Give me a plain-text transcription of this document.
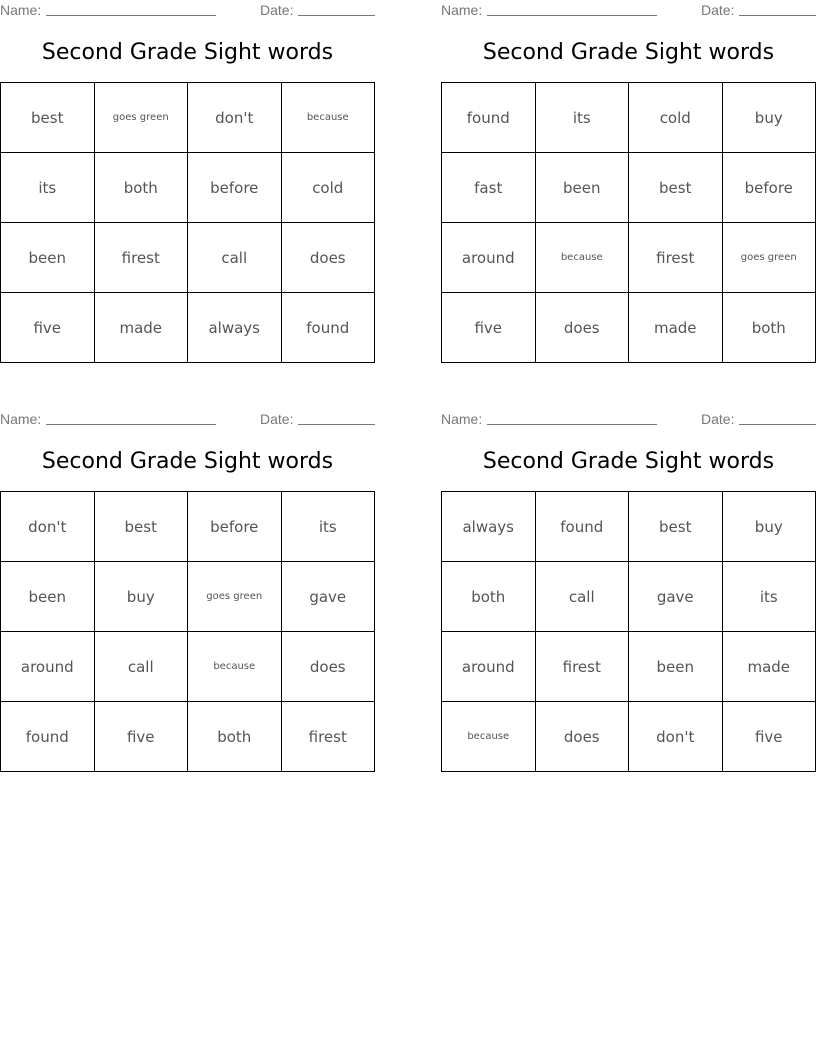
Name:	Date:
Second Grade Sight words
best	goes green	don't	because
its	both	before	cold
been	firest	call	does
five	made	always	found
Name:	Date:
Second Grade Sight words
found	its	cold	buy
fast	been	best	before
around	because	firest	goes green
five	does	made	both
Name:	Date:
Second Grade Sight words
don't	best	before	its
been	buy	goes green	gave
around	call	because	does
found	five	both	firest
Name:	Date:
Second Grade Sight words
always	found	best	buy
both	call	gave	its
around	firest	been	made
because	does	don't	five
